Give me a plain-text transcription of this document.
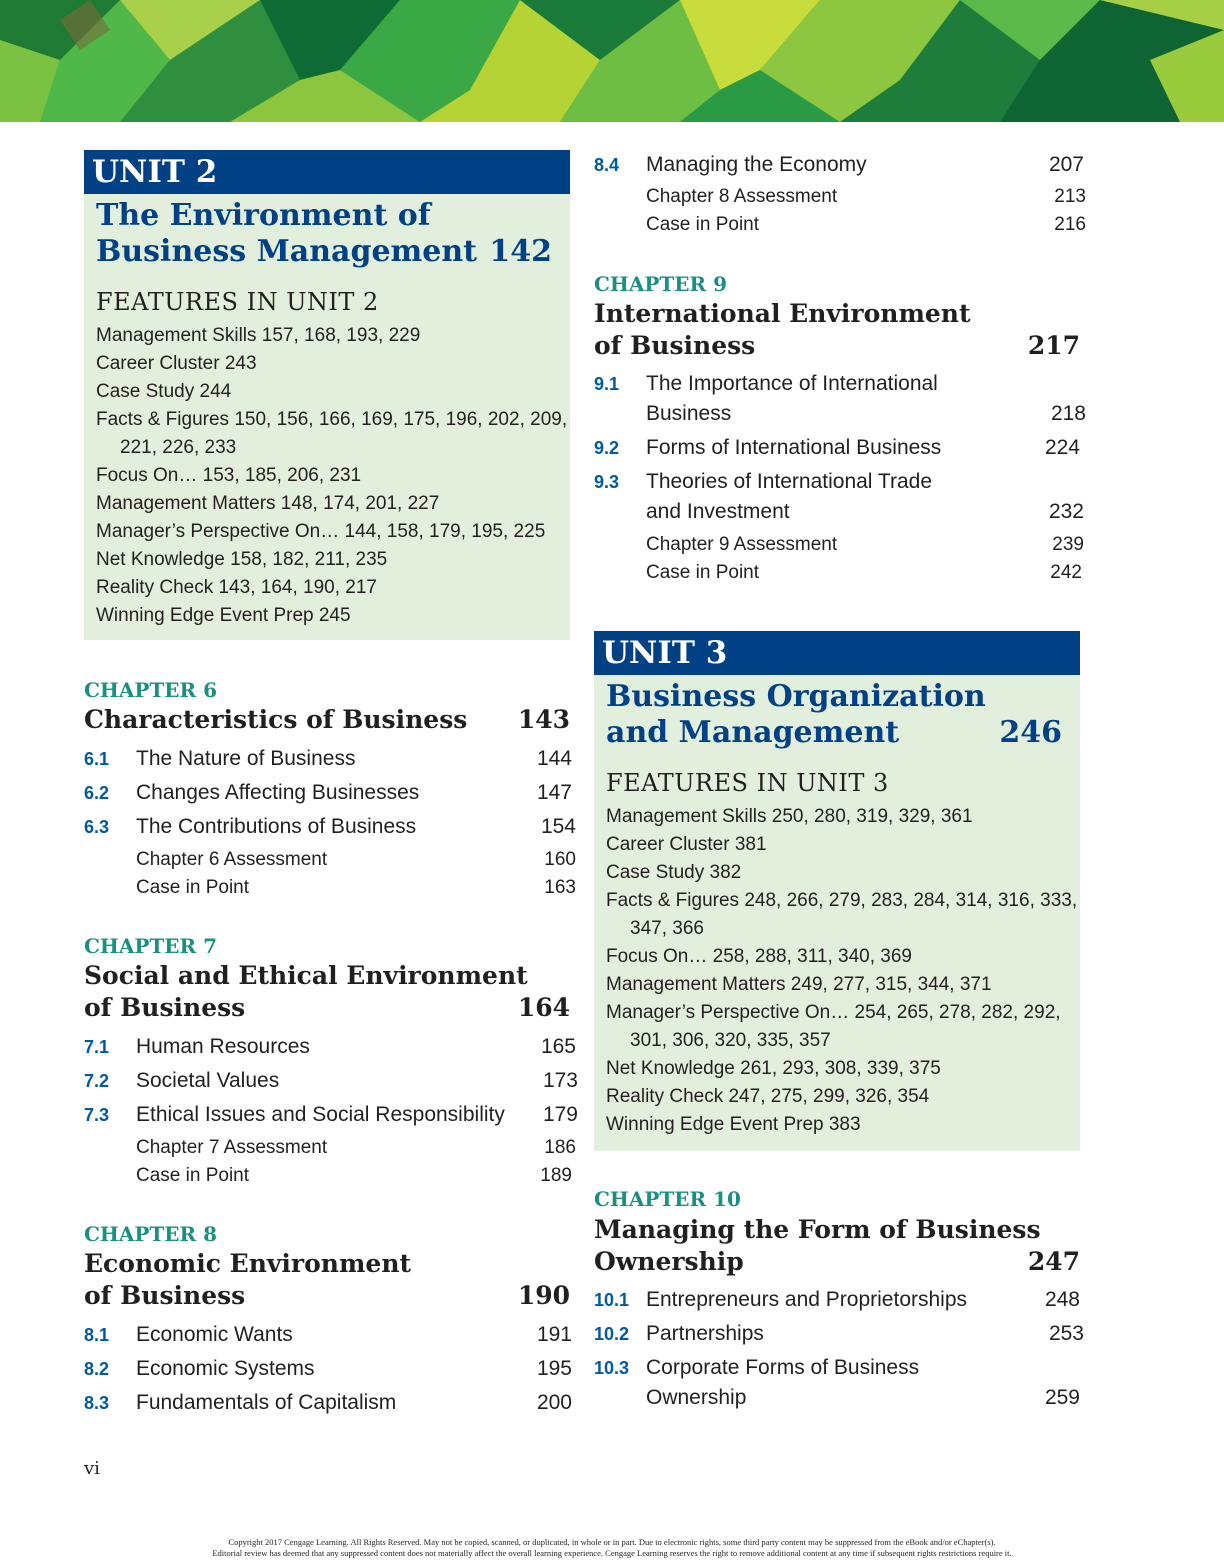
UNIT 2
The Environment of
Business Management 142
FEATURES IN UNIT 2
Management Skills 157, 168, 193, 229
Career Cluster 243
Case Study 244
Facts & Figures 150, 156, 166, 169, 175, 196, 202, 209,
221, 226, 233
Focus On… 153, 185, 206, 231
Management Matters 148, 174, 201, 227
Manager’s Perspective On… 144, 158, 179, 195, 225
Net Knowledge 158, 182, 211, 235
Reality Check 143, 164, 190, 217
Winning Edge Event Prep 245
CHAPTER 6
Characteristics of Business	143
6.1 The Nature of Business	144
6.2 Changes Affecting Businesses	147
6.3 The Contributions of Business	154
Chapter 6 Assessment	160
Case in Point	163
CHAPTER 7
Social and Ethical Environment
of Business	164
7.1 Human Resources	165
7.2 Societal Values	173
7.3 Ethical Issues and Social Responsibility 179
Chapter 7 Assessment	186
Case in Point	189
CHAPTER 8
Economic Environment
of Business	190
8.1 Economic Wants	191
8.2 Economic Systems	195
8.3 Fundamentals of Capitalism	200
8.4 Managing the Economy	207
Chapter 8 Assessment	213
Case in Point	216
CHAPTER 9
International Environment
of Business	217
9.1 The Importance of International
Business	218
9.2 Forms of International Business	224
9.3 Theories of International Trade
and Investment	232
Chapter 9 Assessment	239
Case in Point	242
UNIT 3
Business Organization
and Management	246
FEATURES IN UNIT 3
Management Skills 250, 280, 319, 329, 361
Career Cluster 381
Case Study 382
Facts & Figures 248, 266, 279, 283, 284, 314, 316, 333,
347, 366
Focus On… 258, 288, 311, 340, 369
Management Matters 249, 277, 315, 344, 371
Manager’s Perspective On… 254, 265, 278, 282, 292,
301, 306, 320, 335, 357
Net Knowledge 261, 293, 308, 339, 375
Reality Check 247, 275, 299, 326, 354
Winning Edge Event Prep 383
CHAPTER 10
Managing the Form of Business
Ownership	247
10.1 Entrepreneurs and Proprietorships	248
10.2 Partnerships	253
10.3 Corporate Forms of Business
Ownership	259
vi
Copyright 2017 Cengage Learning. All Rights Reserved. May not be copied, scanned, or duplicated, in whole or in part. Due to electronic rights, some third party content may be suppressed from the eBook and/or eChapter(s).
Editorial review has deemed that any suppressed content does not materially affect the overall learning experience. Cengage Learning reserves the right to remove additional content at any time if subsequent rights restrictions require it.
